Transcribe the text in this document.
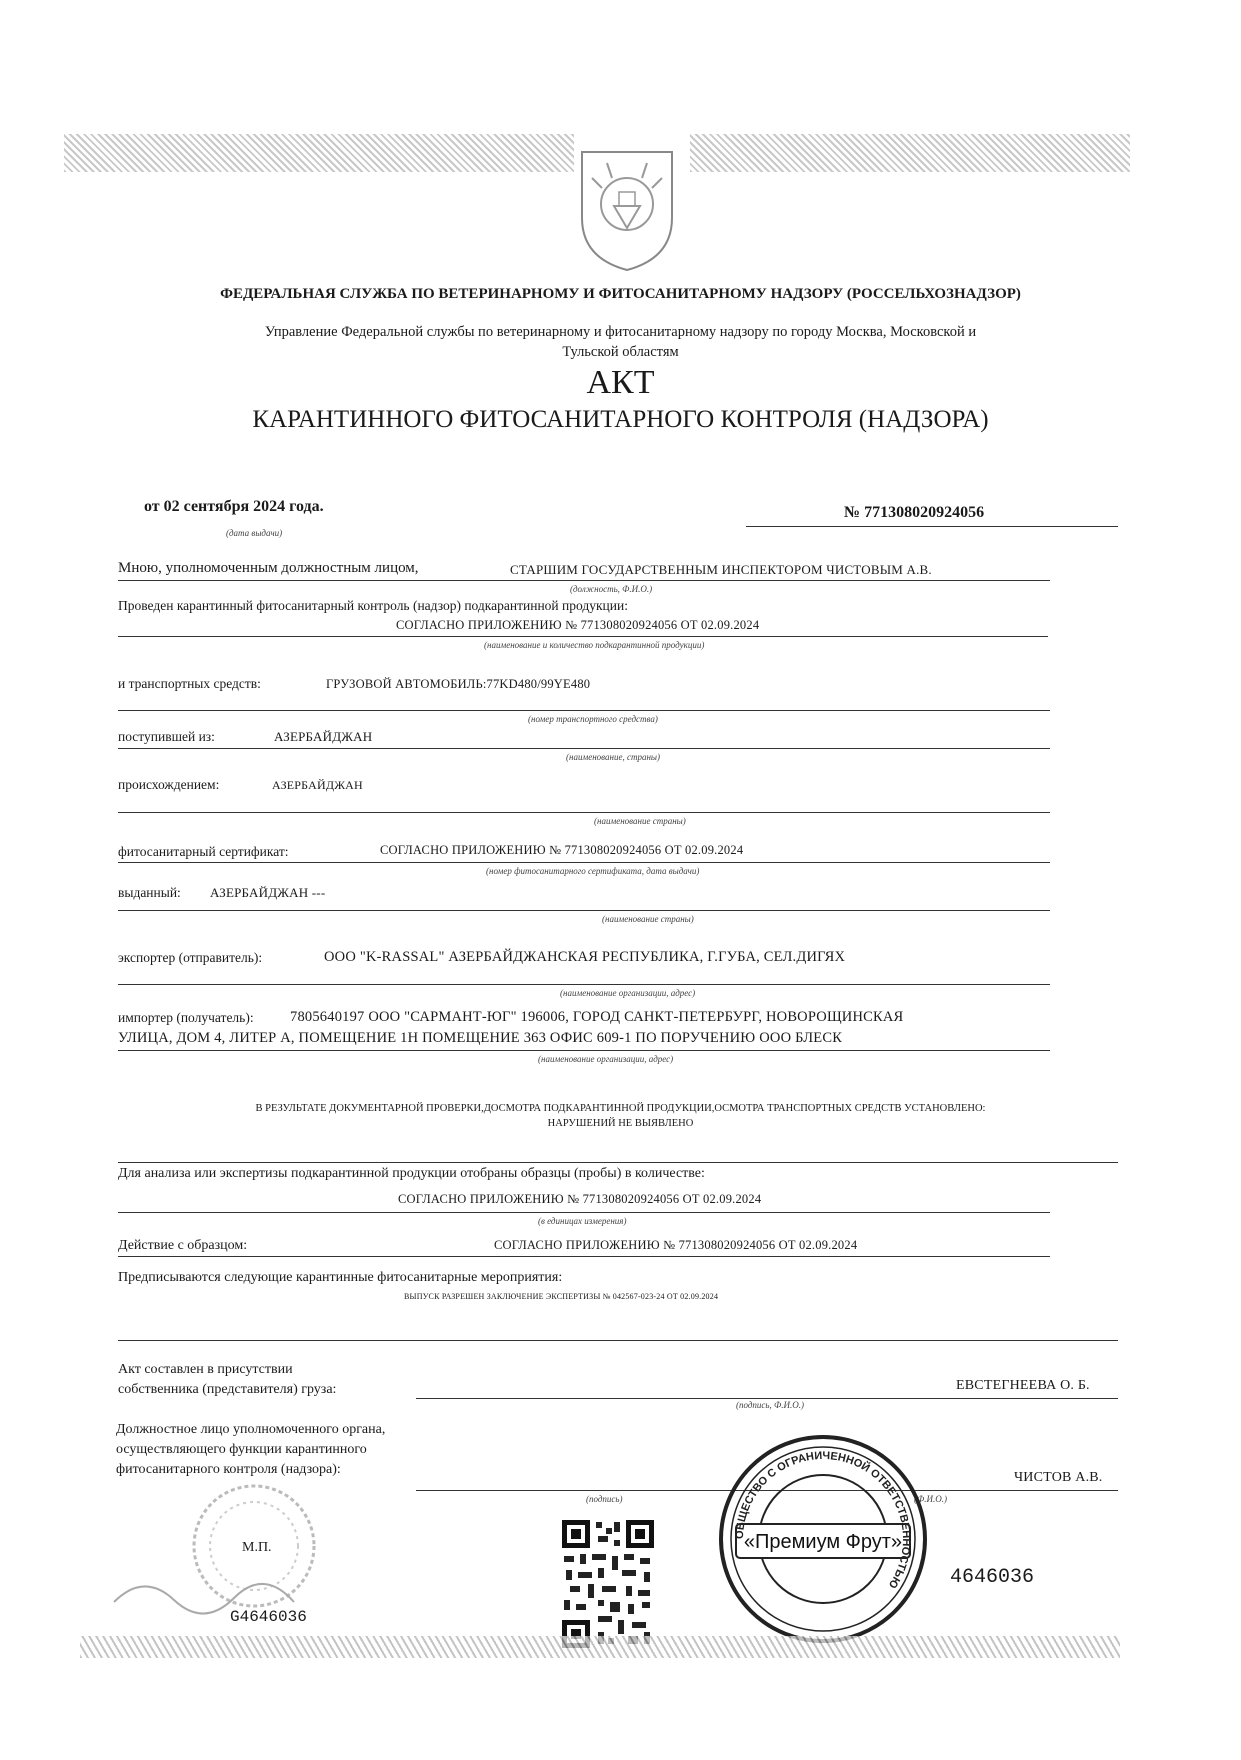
ФЕДЕРАЛЬНАЯ СЛУЖБА ПО ВЕТЕРИНАРНОМУ И ФИТОСАНИТАРНОМУ НАДЗОРУ (РОССЕЛЬХОЗНАДЗОР)
Управление Федеральной службы по ветеринарному и фитосанитарному надзору по городу Москва, Московской и
Тульской областям
АКТ
КАРАНТИННОГО ФИТОСАНИТАРНОГО КОНТРОЛЯ (НАДЗОРА)
от 02 сентября 2024 года.
(дата выдачи)
№ 771308020924056
Мною, уполномоченным должностным лицом,	СТАРШИМ ГОСУДАРСТВЕННЫМ ИНСПЕКТОРОМ ЧИСТОВЫМ А.В.
(должность, Ф.И.О.)
Проведен карантинный фитосанитарный контроль (надзор) подкарантинной продукции:
СОГЛАСНО ПРИЛОЖЕНИЮ № 771308020924056 ОТ 02.09.2024
(наименование и количество подкарантинной продукции)
и транспортных средств:	ГРУЗОВОЙ АВТОМОБИЛЬ:77KD480/99YE480
(номер транспортного средства)
поступившей из:	АЗЕРБАЙДЖАН
(наименование, страны)
происхождением:	АЗЕРБАЙДЖАН
(наименование страны)
фитосанитарный сертификат:	СОГЛАСНО ПРИЛОЖЕНИЮ № 771308020924056 ОТ 02.09.2024
(номер фитосанитарного сертификата, дата выдачи)
выданный: АЗЕРБАЙДЖАН ---
(наименование страны)
экспортер (отправитель):	ООО "K-RASSAL" АЗЕРБАЙДЖАНСКАЯ РЕСПУБЛИКА, Г.ГУБА, СЕЛ.ДИГЯХ
(наименование организации, адрес)
импортер (получатель):	7805640197 ООО "САРМАНТ-ЮГ" 196006, ГОРОД САНКТ-ПЕТЕРБУРГ, НОВОРОЩИНСКАЯ
УЛИЦА, ДОМ 4, ЛИТЕР А, ПОМЕЩЕНИЕ 1Н ПОМЕЩЕНИЕ 363 ОФИС 609-1 ПО ПОРУЧЕНИЮ ООО БЛЕСК
(наименование организации, адрес)
В РЕЗУЛЬТАТЕ ДОКУМЕНТАРНОЙ ПРОВЕРКИ,ДОСМОТРА ПОДКАРАНТИННОЙ ПРОДУКЦИИ,ОСМОТРА ТРАНСПОРТНЫХ СРЕДСТВ УСТАНОВЛЕНО:
НАРУШЕНИЙ НЕ ВЫЯВЛЕНО
Для анализа или экспертизы подкарантинной продукции отобраны образцы (пробы) в количестве:
СОГЛАСНО ПРИЛОЖЕНИЮ № 771308020924056 ОТ 02.09.2024
(в единицах измерения)
Действие с образцом:	СОГЛАСНО ПРИЛОЖЕНИЮ № 771308020924056 ОТ 02.09.2024
Предписываются следующие карантинные фитосанитарные мероприятия:
ВЫПУСК РАЗРЕШЕН ЗАКЛЮЧЕНИЕ ЭКСПЕРТИЗЫ № 042567-023-24 ОТ 02.09.2024
Акт составлен в присутствии
собственника (представителя) груза:	ЕВСТЕГНЕЕВА О. Б.
(подпись, Ф.И.О.)
Должностное лицо уполномоченного органа,
осуществляющего функции карантинного
фитосанитарного контроля (надзора):
ЧИСТОВ А.В.
(подпись)	(Ф.И.О.)
М.П.
G4646036
ОБЩЕСТВО С ОГРАНИЧЕННОЙ ОТВЕТСТВЕННОСТЬЮ
«Премиум Фрут»
4646036
